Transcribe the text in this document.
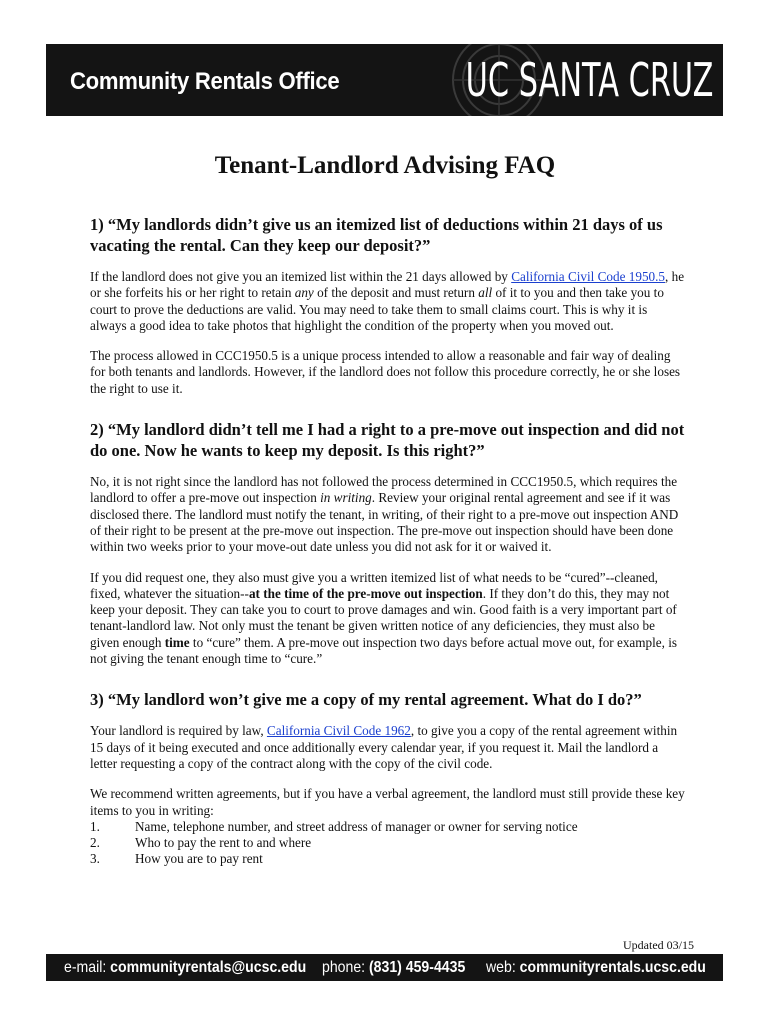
Community Rentals Office	UC SANTA CRUZ
Tenant-Landlord Advising FAQ

1) “My landlords didn’t give us an itemized list of deductions within 21 days of us vacating the rental. Can they keep our deposit?”

If the landlord does not give you an itemized list within the 21 days allowed by California Civil Code 1950.5, he or she forfeits his or her right to retain any of the deposit and must return all of it to you and then take you to court to prove the deductions are valid. You may need to take them to small claims court. This is why it is always a good idea to take photos that highlight the condition of the property when you moved out.

The process allowed in CCC1950.5 is a unique process intended to allow a reasonable and fair way of dealing for both tenants and landlords. However, if the landlord does not follow this procedure correctly, he or she loses the right to use it.

2) “My landlord didn’t tell me I had a right to a pre-move out inspection and did not do one. Now he wants to keep my deposit. Is this right?”

No, it is not right since the landlord has not followed the process determined in CCC1950.5, which requires the landlord to offer a pre-move out inspection in writing. Review your original rental agreement and see if it was disclosed there. The landlord must notify the tenant, in writing, of their right to a pre-move out inspection AND of their right to be present at the pre-move out inspection. The pre-move out inspection should have been done within two weeks prior to your move-out date unless you did not ask for it or waived it.

If you did request one, they also must give you a written itemized list of what needs to be “cured”--cleaned, fixed, whatever the situation--at the time of the pre-move out inspection. If they don’t do this, they may not keep your deposit. They can take you to court to prove damages and win. Good faith is a very important part of tenant-landlord law. Not only must the tenant be given written notice of any deficiencies, they must also be given enough time to “cure” them. A pre-move out inspection two days before actual move out, for example, is not giving the tenant enough time to “cure.”

3) “My landlord won’t give me a copy of my rental agreement. What do I do?”

Your landlord is required by law, California Civil Code 1962, to give you a copy of the rental agreement within 15 days of it being executed and once additionally every calendar year, if you request it. Mail the landlord a letter requesting a copy of the contract along with the copy of the civil code.

We recommend written agreements, but if you have a verbal agreement, the landlord must still provide these key items to you in writing:

1.	Name, telephone number, and street address of manager or owner for serving notice
2.	Who to pay the rent to and where
3.	How you are to pay rent
Updated 03/15
e-mail: communityrentals@ucsc.edu phone: (831) 459-4435 web: communityrentals.ucsc.edu
